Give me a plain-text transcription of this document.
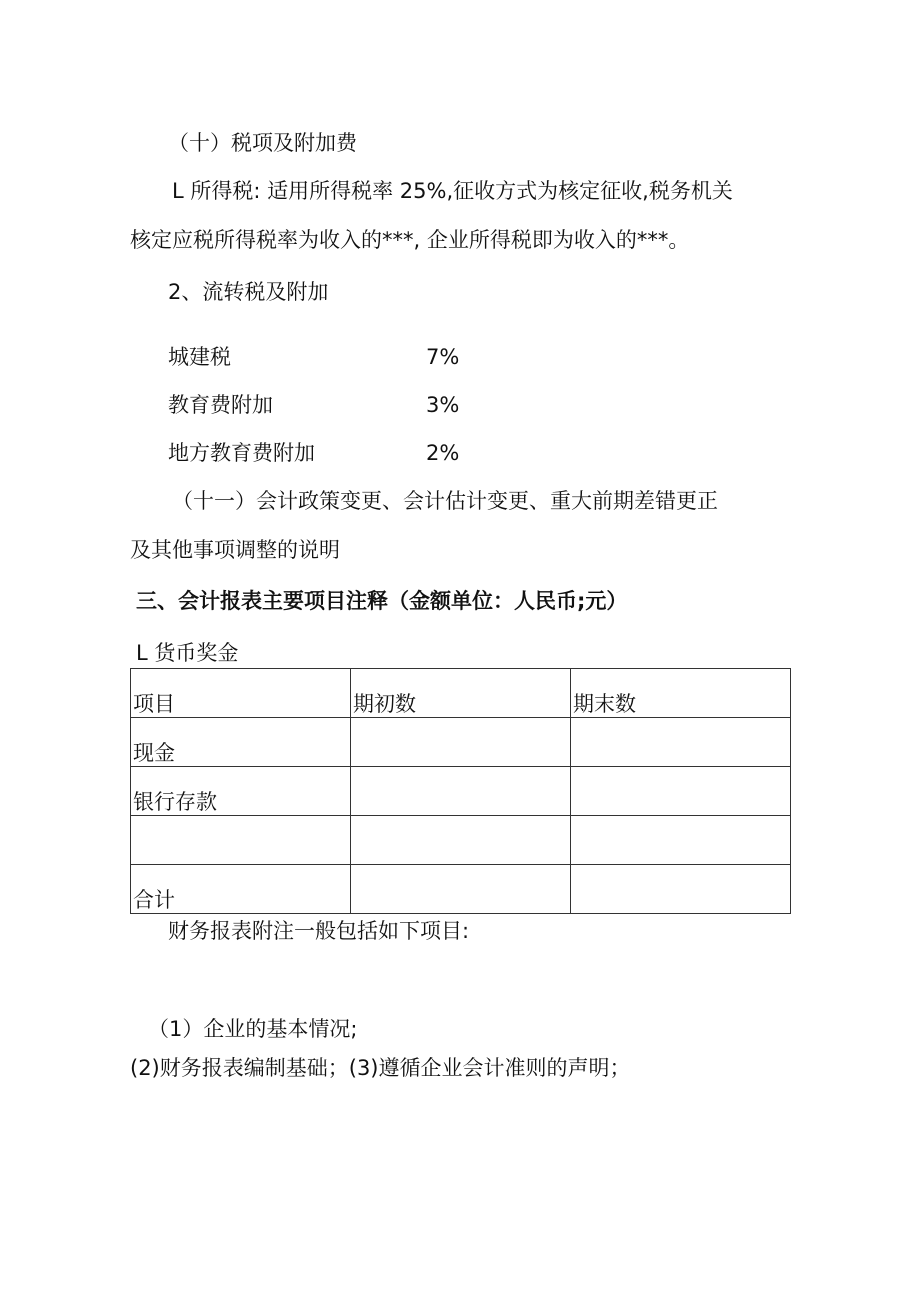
（十）税项及附加费
L 所得税: 适用所得税率 25%,征收方式为核定征收,税务机关
核定应税所得税率为收入的***, 企业所得税即为收入的***。
2、流转税及附加
城建税	7%
教育费附加	3%
地方教育费附加	2%
（十一）会计政策变更、会计估计变更、重大前期差错更正
及其他事项调整的说明
三、会计报表主要项目注释（金额单位：人民币;元）
L 货币奖金
项目	期初数	期末数
现金		
银行存款		

合计		
财务报表附注一般包括如下项目:
（1）企业的基本情况;
(2)财务报表编制基础；(3)遵循企业会计准则的声明；
